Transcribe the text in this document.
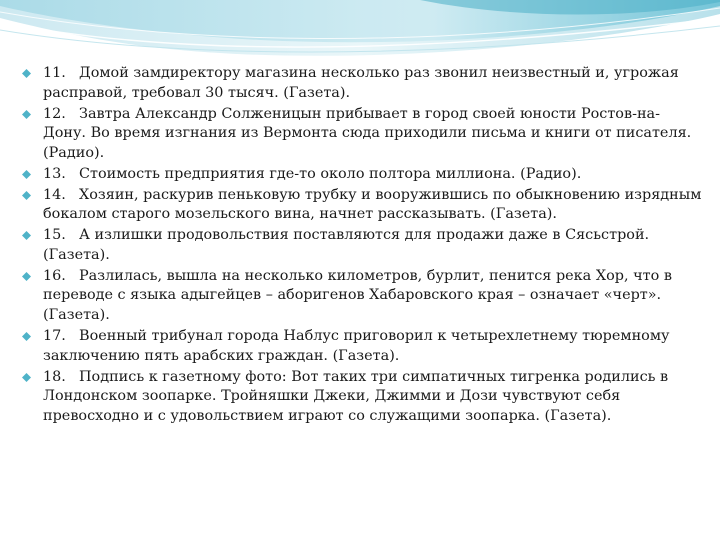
11. Домой замдиректору магазина несколько раз звонил неизвестный и, угрожая расправой, требовал 30 тысяч. (Газета).
12. Завтра Александр Солженицын прибывает в город своей юности Ростов-на-Дону. Во время изгнания из Вермонта сюда приходили письма и книги от писателя. (Радио).
13. Стоимость предприятия где-то около полтора миллиона. (Радио).
14. Хозяин, раскурив пеньковую трубку и вооружившись по обыкновению изрядным бокалом старого мозельского вина, начнет рассказывать. (Газета).
15. А излишки продовольствия поставляются для продажи даже в Сясьстрой. (Газета).
16. Разлилась, вышла на несколько километров, бурлит, пенится река Хор, что в переводе с языка адыгейцев – аборигенов Хабаровского края – означает «черт». (Газета).
17. Военный трибунал города Наблус приговорил к четырехлетнему тюремному заключению пять арабских граждан. (Газета).
18. Подпись к газетному фото: Вот таких три симпатичных тигренка родились в Лондонском зоопарке. Тройняшки Джеки, Джимми и Дози чувствуют себя превосходно и с удовольствием играют со служащими зоопарка. (Газета).
